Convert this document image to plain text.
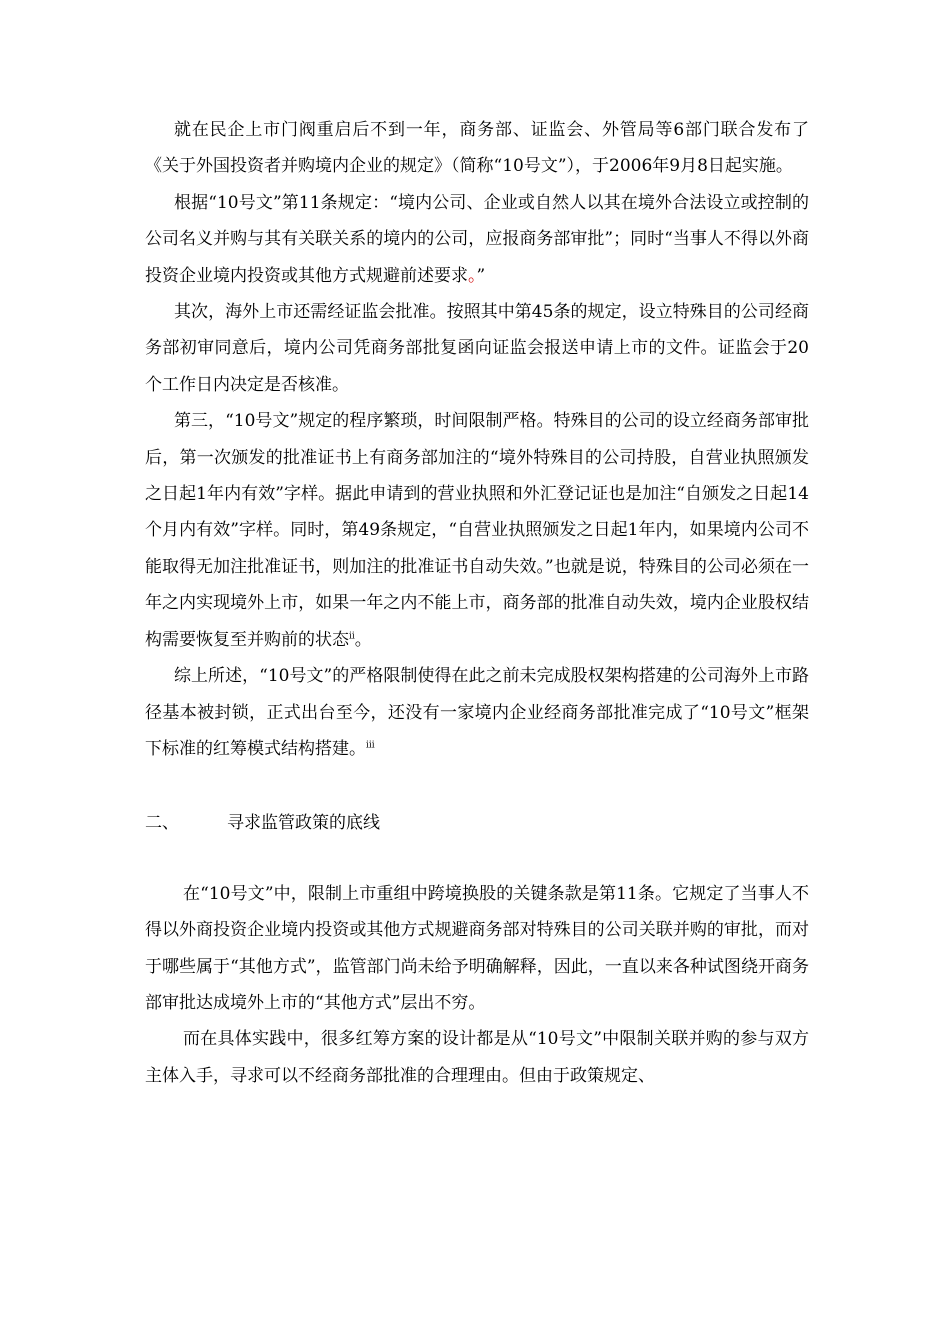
就在民企上市门阀重启后不到一年，商务部、证监会、外管局等6部门联合发布了《关于外国投资者并购境内企业的规定》（简称“10号文”），于2006年9月8日起实施。

根据“10号文”第11条规定：“境内公司、企业或自然人以其在境外合法设立或控制的公司名义并购与其有关联关系的境内的公司，应报商务部审批”；同时“当事人不得以外商投资企业境内投资或其他方式规避前述要求。”

其次，海外上市还需经证监会批准。按照其中第45条的规定，设立特殊目的公司经商务部初审同意后，境内公司凭商务部批复函向证监会报送申请上市的文件。证监会于20个工作日内决定是否核准。

第三，“10号文”规定的程序繁琐，时间限制严格。特殊目的公司的设立经商务部审批后，第一次颁发的批准证书上有商务部加注的“境外特殊目的公司持股，自营业执照颁发之日起1年内有效”字样。据此申请到的营业执照和外汇登记证也是加注“自颁发之日起14个月内有效”字样。同时，第49条规定，“自营业执照颁发之日起1年内，如果境内公司不能取得无加注批准证书，则加注的批准证书自动失效。”也就是说，特殊目的公司必须在一年之内实现境外上市，如果一年之内不能上市，商务部的批准自动失效，境内企业股权结构需要恢复至并购前的状态$^{ii}$。

综上所述，“10号文”的严格限制使得在此之前未完成股权架构搭建的公司海外上市路径基本被封锁，正式出台至今，还没有一家境内企业经商务部批准完成了“10号文”框架下标准的红筹模式结构搭建。$^{iii}$

二、	寻求监管政策的底线

在“10号文”中，限制上市重组中跨境换股的关键条款是第11条。它规定了当事人不得以外商投资企业境内投资或其他方式规避商务部对特殊目的公司关联并购的审批，而对于哪些属于“其他方式”，监管部门尚未给予明确解释，因此，一直以来各种试图绕开商务部审批达成境外上市的“其他方式”层出不穷。

而在具体实践中，很多红筹方案的设计都是从“10号文”中限制关联并购的参与双方主体入手，寻求可以不经商务部批准的合理理由。但由于政策规定、
